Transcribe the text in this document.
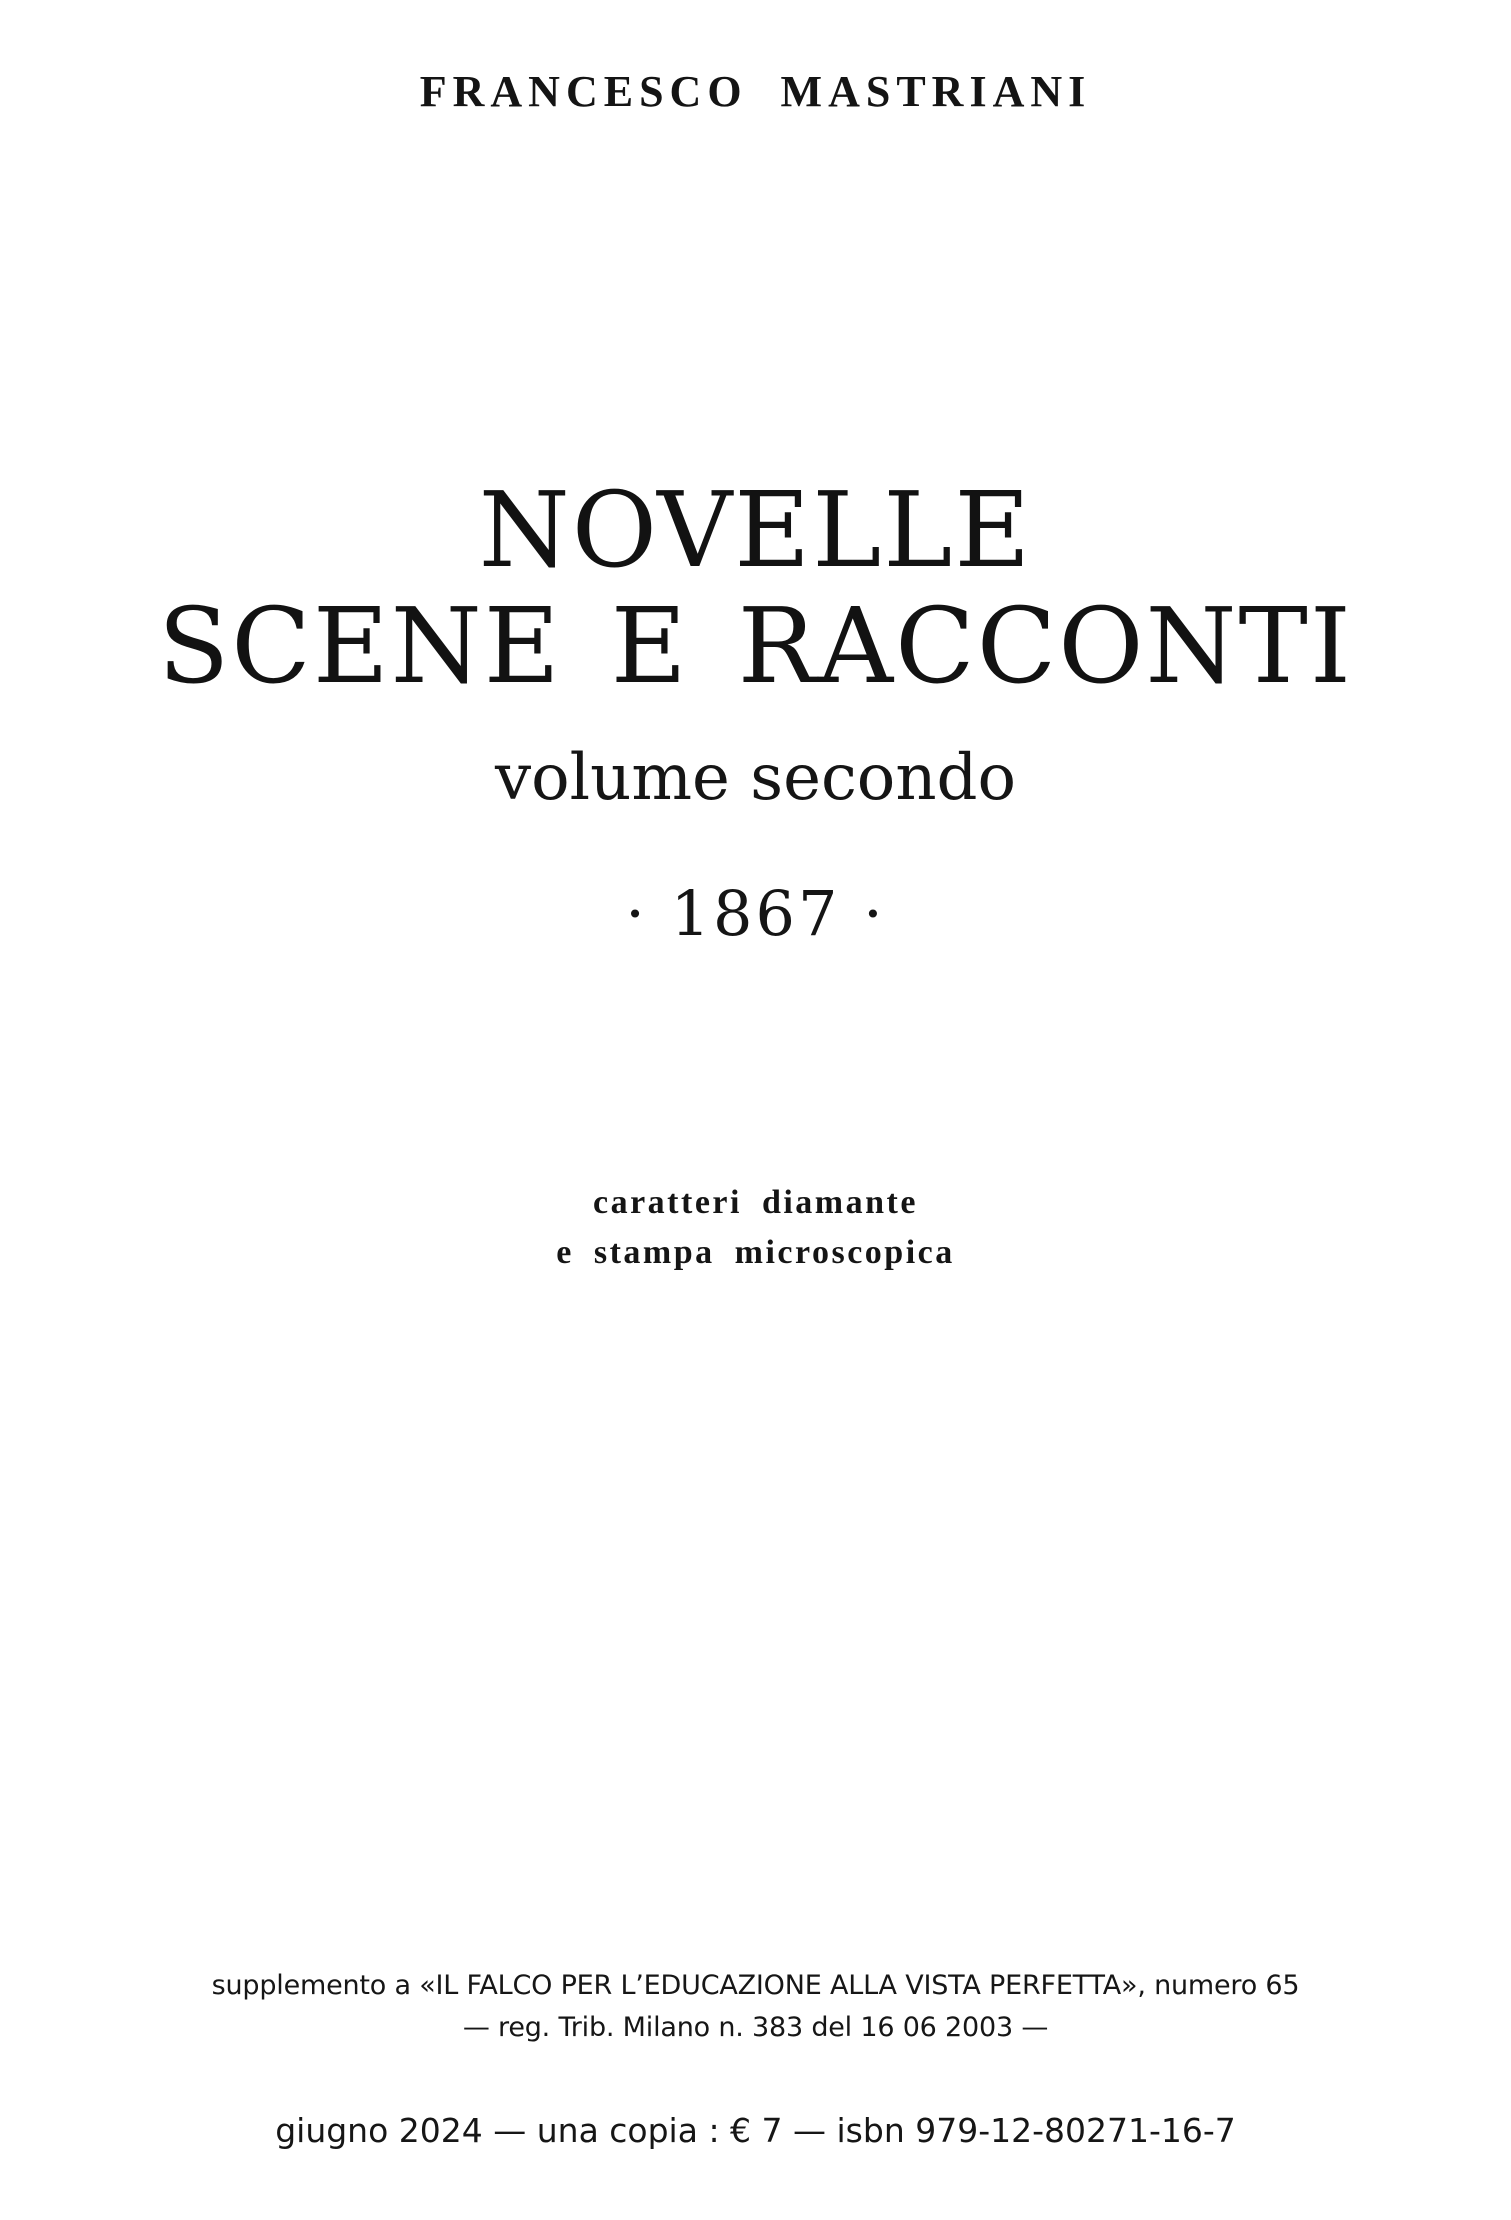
FRANCESCO MASTRIANI
NOVELLE
SCENE E RACCONTI
volume secondo
· 1867 ·
caratteri diamante
e stampa microscopica
supplemento a «IL FALCO PER L’EDUCAZIONE ALLA VISTA PERFETTA», numero 65
— reg. Trib. Milano n. 383 del 16 06 2003 —
giugno 2024 — una copia : € 7 — isbn 979-12-80271-16-7
